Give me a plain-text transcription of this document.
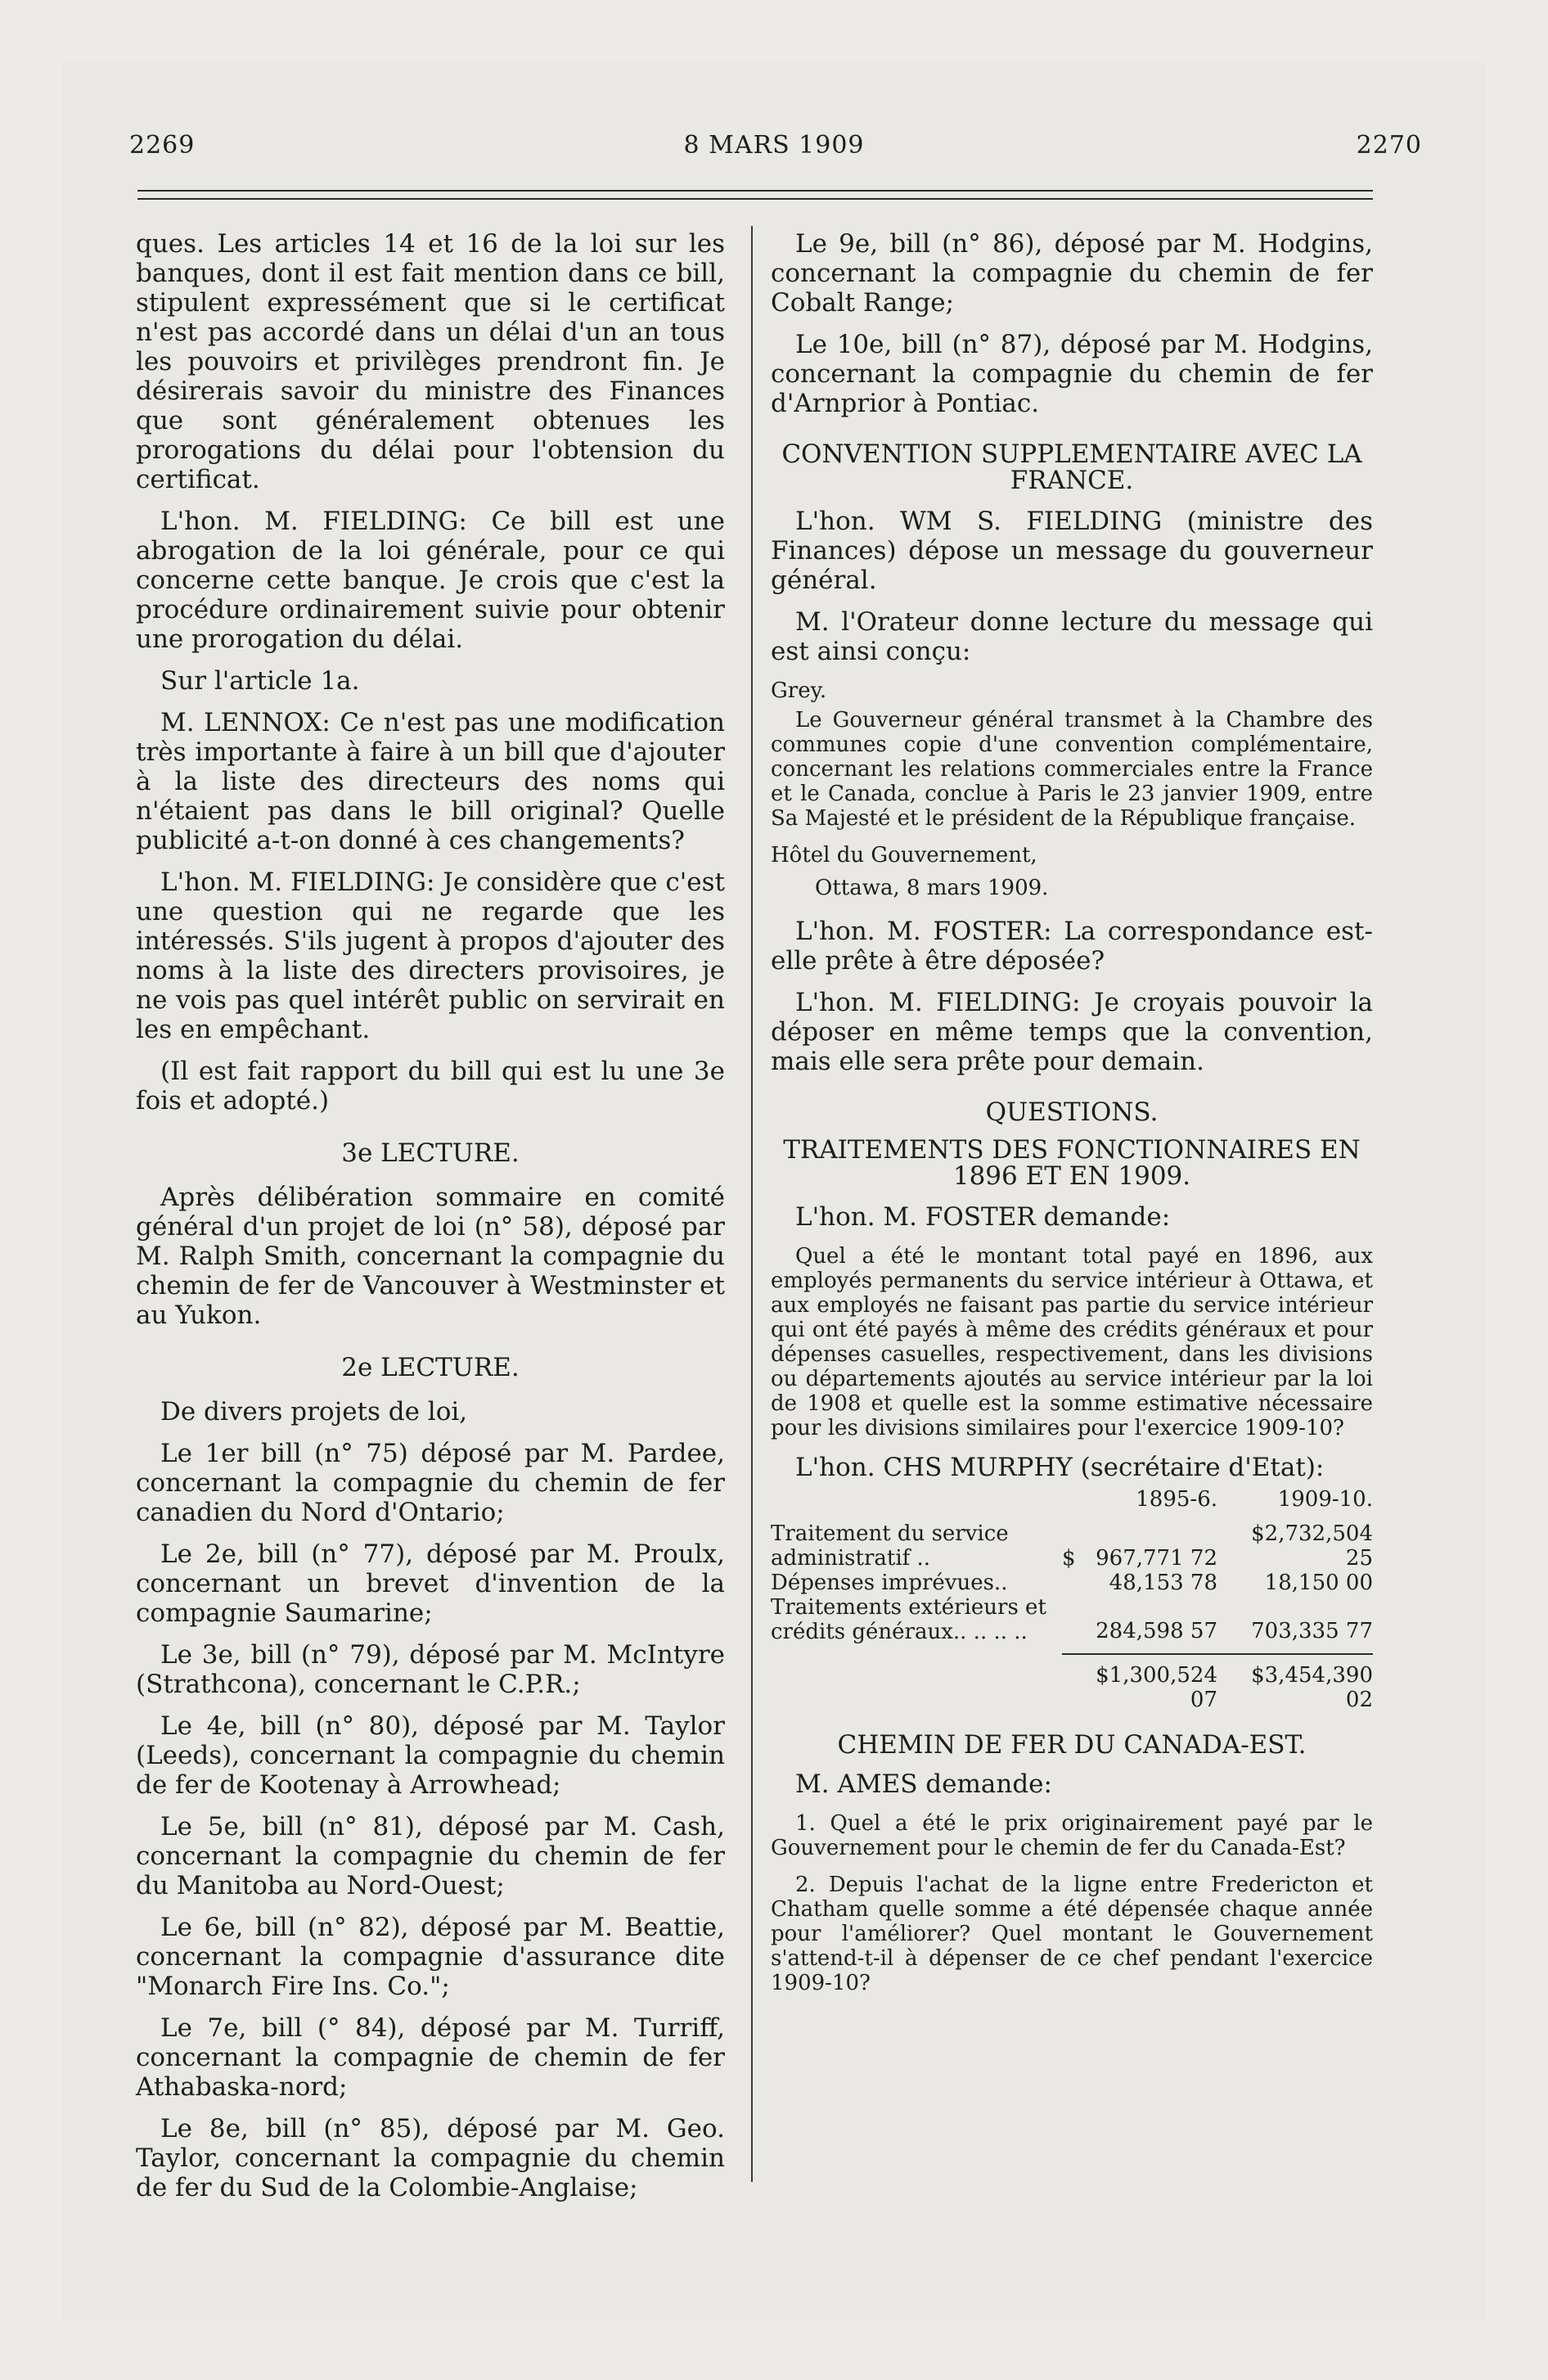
2269	8 MARS 1909	2270

ques. Les articles 14 et 16 de la loi sur les banques, dont il est fait mention dans ce bill, stipulent expressément que si le certificat n'est pas accordé dans un délai d'un an tous les pouvoirs et privilèges prendront fin. Je désirerais savoir du ministre des Finances que sont généralement obtenues les prorogations du délai pour l'obtension du certificat.

L'hon. M. FIELDING: Ce bill est une abrogation de la loi générale, pour ce qui concerne cette banque. Je crois que c'est la procédure ordinairement suivie pour obtenir une prorogation du délai.

Sur l'article 1a.

M. LENNOX: Ce n'est pas une modification très importante à faire à un bill que d'ajouter à la liste des directeurs des noms qui n'étaient pas dans le bill original? Quelle publicité a-t-on donné à ces changements?

L'hon. M. FIELDING: Je considère que c'est une question qui ne regarde que les intéressés. S'ils jugent à propos d'ajouter des noms à la liste des directers provisoires, je ne vois pas quel intérêt public on servirait en les en empêchant.

(Il est fait rapport du bill qui est lu une 3e fois et adopté.)

3e LECTURE.

Après délibération sommaire en comité général d'un projet de loi (n° 58), déposé par M. Ralph Smith, concernant la compagnie du chemin de fer de Vancouver à Westminster et au Yukon.

2e LECTURE.

De divers projets de loi,

Le 1er bill (n° 75) déposé par M. Pardee, concernant la compagnie du chemin de fer canadien du Nord d'Ontario;

Le 2e, bill (n° 77), déposé par M. Proulx, concernant un brevet d'invention de la compagnie Saumarine;

Le 3e, bill (n° 79), déposé par M. McIntyre (Strathcona), concernant le C.P.R.;

Le 4e, bill (n° 80), déposé par M. Taylor (Leeds), concernant la compagnie du chemin de fer de Kootenay à Arrowhead;

Le 5e, bill (n° 81), déposé par M. Cash, concernant la compagnie du chemin de fer du Manitoba au Nord-Ouest;

Le 6e, bill (n° 82), déposé par M. Beattie, concernant la compagnie d'assurance dite "Monarch Fire Ins. Co.";

Le 7e, bill (° 84), déposé par M. Turriff, concernant la compagnie de chemin de fer Athabaska-nord;

Le 8e, bill (n° 85), déposé par M. Geo. Taylor, concernant la compagnie du chemin de fer du Sud de la Colombie-Anglaise;

Le 9e, bill (n° 86), déposé par M. Hodgins, concernant la compagnie du chemin de fer Cobalt Range;

Le 10e, bill (n° 87), déposé par M. Hodgins, concernant la compagnie du chemin de fer d'Arnprior à Pontiac.

CONVENTION SUPPLEMENTAIRE AVEC LA FRANCE.

L'hon. WM S. FIELDING (ministre des Finances) dépose un message du gouverneur général.

M. l'Orateur donne lecture du message qui est ainsi conçu:

Grey.

Le Gouverneur général transmet à la Chambre des communes copie d'une convention complémentaire, concernant les relations commerciales entre la France et le Canada, conclue à Paris le 23 janvier 1909, entre Sa Majesté et le président de la République française.

Hôtel du Gouvernement,

Ottawa, 8 mars 1909.

L'hon. M. FOSTER: La correspondance est-elle prête à être déposée?

L'hon. M. FIELDING: Je croyais pouvoir la déposer en même temps que la convention, mais elle sera prête pour demain.

QUESTIONS.
TRAITEMENTS DES FONCTIONNAIRES EN 1896 ET EN 1909.

L'hon. M. FOSTER demande:

Quel a été le montant total payé en 1896, aux employés permanents du service intérieur à Ottawa, et aux employés ne faisant pas partie du service intérieur qui ont été payés à même des crédits généraux et pour dépenses casuelles, respectivement, dans les divisions ou départements ajoutés au service intérieur par la loi de 1908 et quelle est la somme estimative nécessaire pour les divisions similaires pour l'exercice 1909-10?

L'hon. CHS MURPHY (secrétaire d'Etat):

		1895-6.	1909-10.
Traitement du service administratif ..	$	967,771 72	$2,732,504 25
Dépenses imprévues..		48,153 78	18,150 00
Traitements extérieurs et crédits généraux.. .. .. ..		284,598 57	703,335 77
		$1,300,524 07	$3,454,390 02
CHEMIN DE FER DU CANADA-EST.

M. AMES demande:

1. Quel a été le prix originairement payé par le Gouvernement pour le chemin de fer du Canada-Est?

2. Depuis l'achat de la ligne entre Fredericton et Chatham quelle somme a été dépensée chaque année pour l'améliorer? Quel montant le Gouvernement s'attend-t-il à dépenser de ce chef pendant l'exercice 1909-10?
